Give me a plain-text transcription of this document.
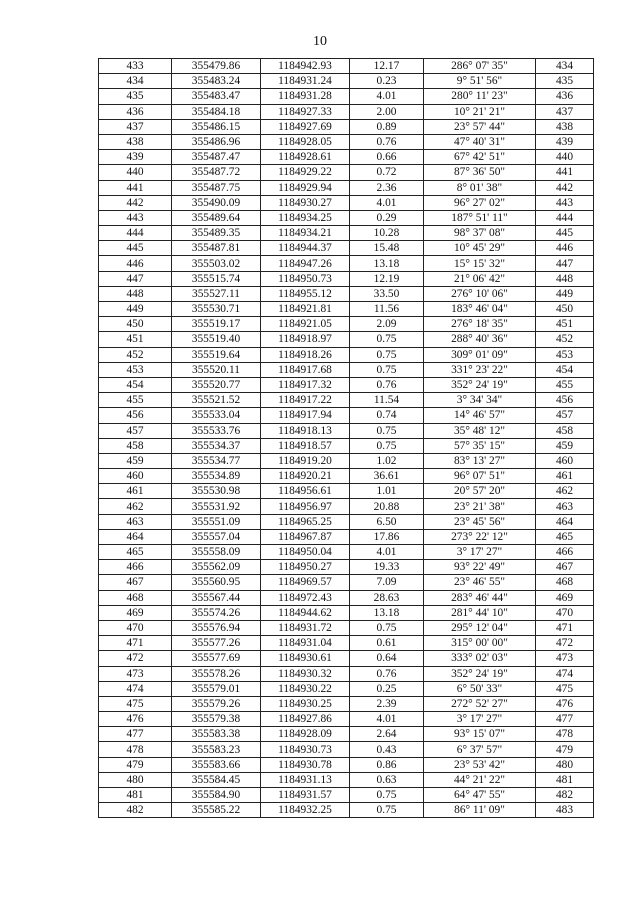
10
433	355479.86	1184942.93	12.17	286° 07' 35"	434
434	355483.24	1184931.24	0.23	9° 51' 56"	435
435	355483.47	1184931.28	4.01	280° 11' 23"	436
436	355484.18	1184927.33	2.00	10° 21' 21"	437
437	355486.15	1184927.69	0.89	23° 57' 44"	438
438	355486.96	1184928.05	0.76	47° 40' 31"	439
439	355487.47	1184928.61	0.66	67° 42' 51"	440
440	355487.72	1184929.22	0.72	87° 36' 50"	441
441	355487.75	1184929.94	2.36	8° 01' 38"	442
442	355490.09	1184930.27	4.01	96° 27' 02"	443
443	355489.64	1184934.25	0.29	187° 51' 11"	444
444	355489.35	1184934.21	10.28	98° 37' 08"	445
445	355487.81	1184944.37	15.48	10° 45' 29"	446
446	355503.02	1184947.26	13.18	15° 15' 32"	447
447	355515.74	1184950.73	12.19	21° 06' 42"	448
448	355527.11	1184955.12	33.50	276° 10' 06"	449
449	355530.71	1184921.81	11.56	183° 46' 04"	450
450	355519.17	1184921.05	2.09	276° 18' 35"	451
451	355519.40	1184918.97	0.75	288° 40' 36"	452
452	355519.64	1184918.26	0.75	309° 01' 09"	453
453	355520.11	1184917.68	0.75	331° 23' 22"	454
454	355520.77	1184917.32	0.76	352° 24' 19"	455
455	355521.52	1184917.22	11.54	3° 34' 34"	456
456	355533.04	1184917.94	0.74	14° 46' 57"	457
457	355533.76	1184918.13	0.75	35° 48' 12"	458
458	355534.37	1184918.57	0.75	57° 35' 15"	459
459	355534.77	1184919.20	1.02	83° 13' 27"	460
460	355534.89	1184920.21	36.61	96° 07' 51"	461
461	355530.98	1184956.61	1.01	20° 57' 20"	462
462	355531.92	1184956.97	20.88	23° 21' 38"	463
463	355551.09	1184965.25	6.50	23° 45' 56"	464
464	355557.04	1184967.87	17.86	273° 22' 12"	465
465	355558.09	1184950.04	4.01	3° 17' 27"	466
466	355562.09	1184950.27	19.33	93° 22' 49"	467
467	355560.95	1184969.57	7.09	23° 46' 55"	468
468	355567.44	1184972.43	28.63	283° 46' 44"	469
469	355574.26	1184944.62	13.18	281° 44' 10"	470
470	355576.94	1184931.72	0.75	295° 12' 04"	471
471	355577.26	1184931.04	0.61	315° 00' 00"	472
472	355577.69	1184930.61	0.64	333° 02' 03"	473
473	355578.26	1184930.32	0.76	352° 24' 19"	474
474	355579.01	1184930.22	0.25	6° 50' 33"	475
475	355579.26	1184930.25	2.39	272° 52' 27"	476
476	355579.38	1184927.86	4.01	3° 17' 27"	477
477	355583.38	1184928.09	2.64	93° 15' 07"	478
478	355583.23	1184930.73	0.43	6° 37' 57"	479
479	355583.66	1184930.78	0.86	23° 53' 42"	480
480	355584.45	1184931.13	0.63	44° 21' 22"	481
481	355584.90	1184931.57	0.75	64° 47' 55"	482
482	355585.22	1184932.25	0.75	86° 11' 09"	483
